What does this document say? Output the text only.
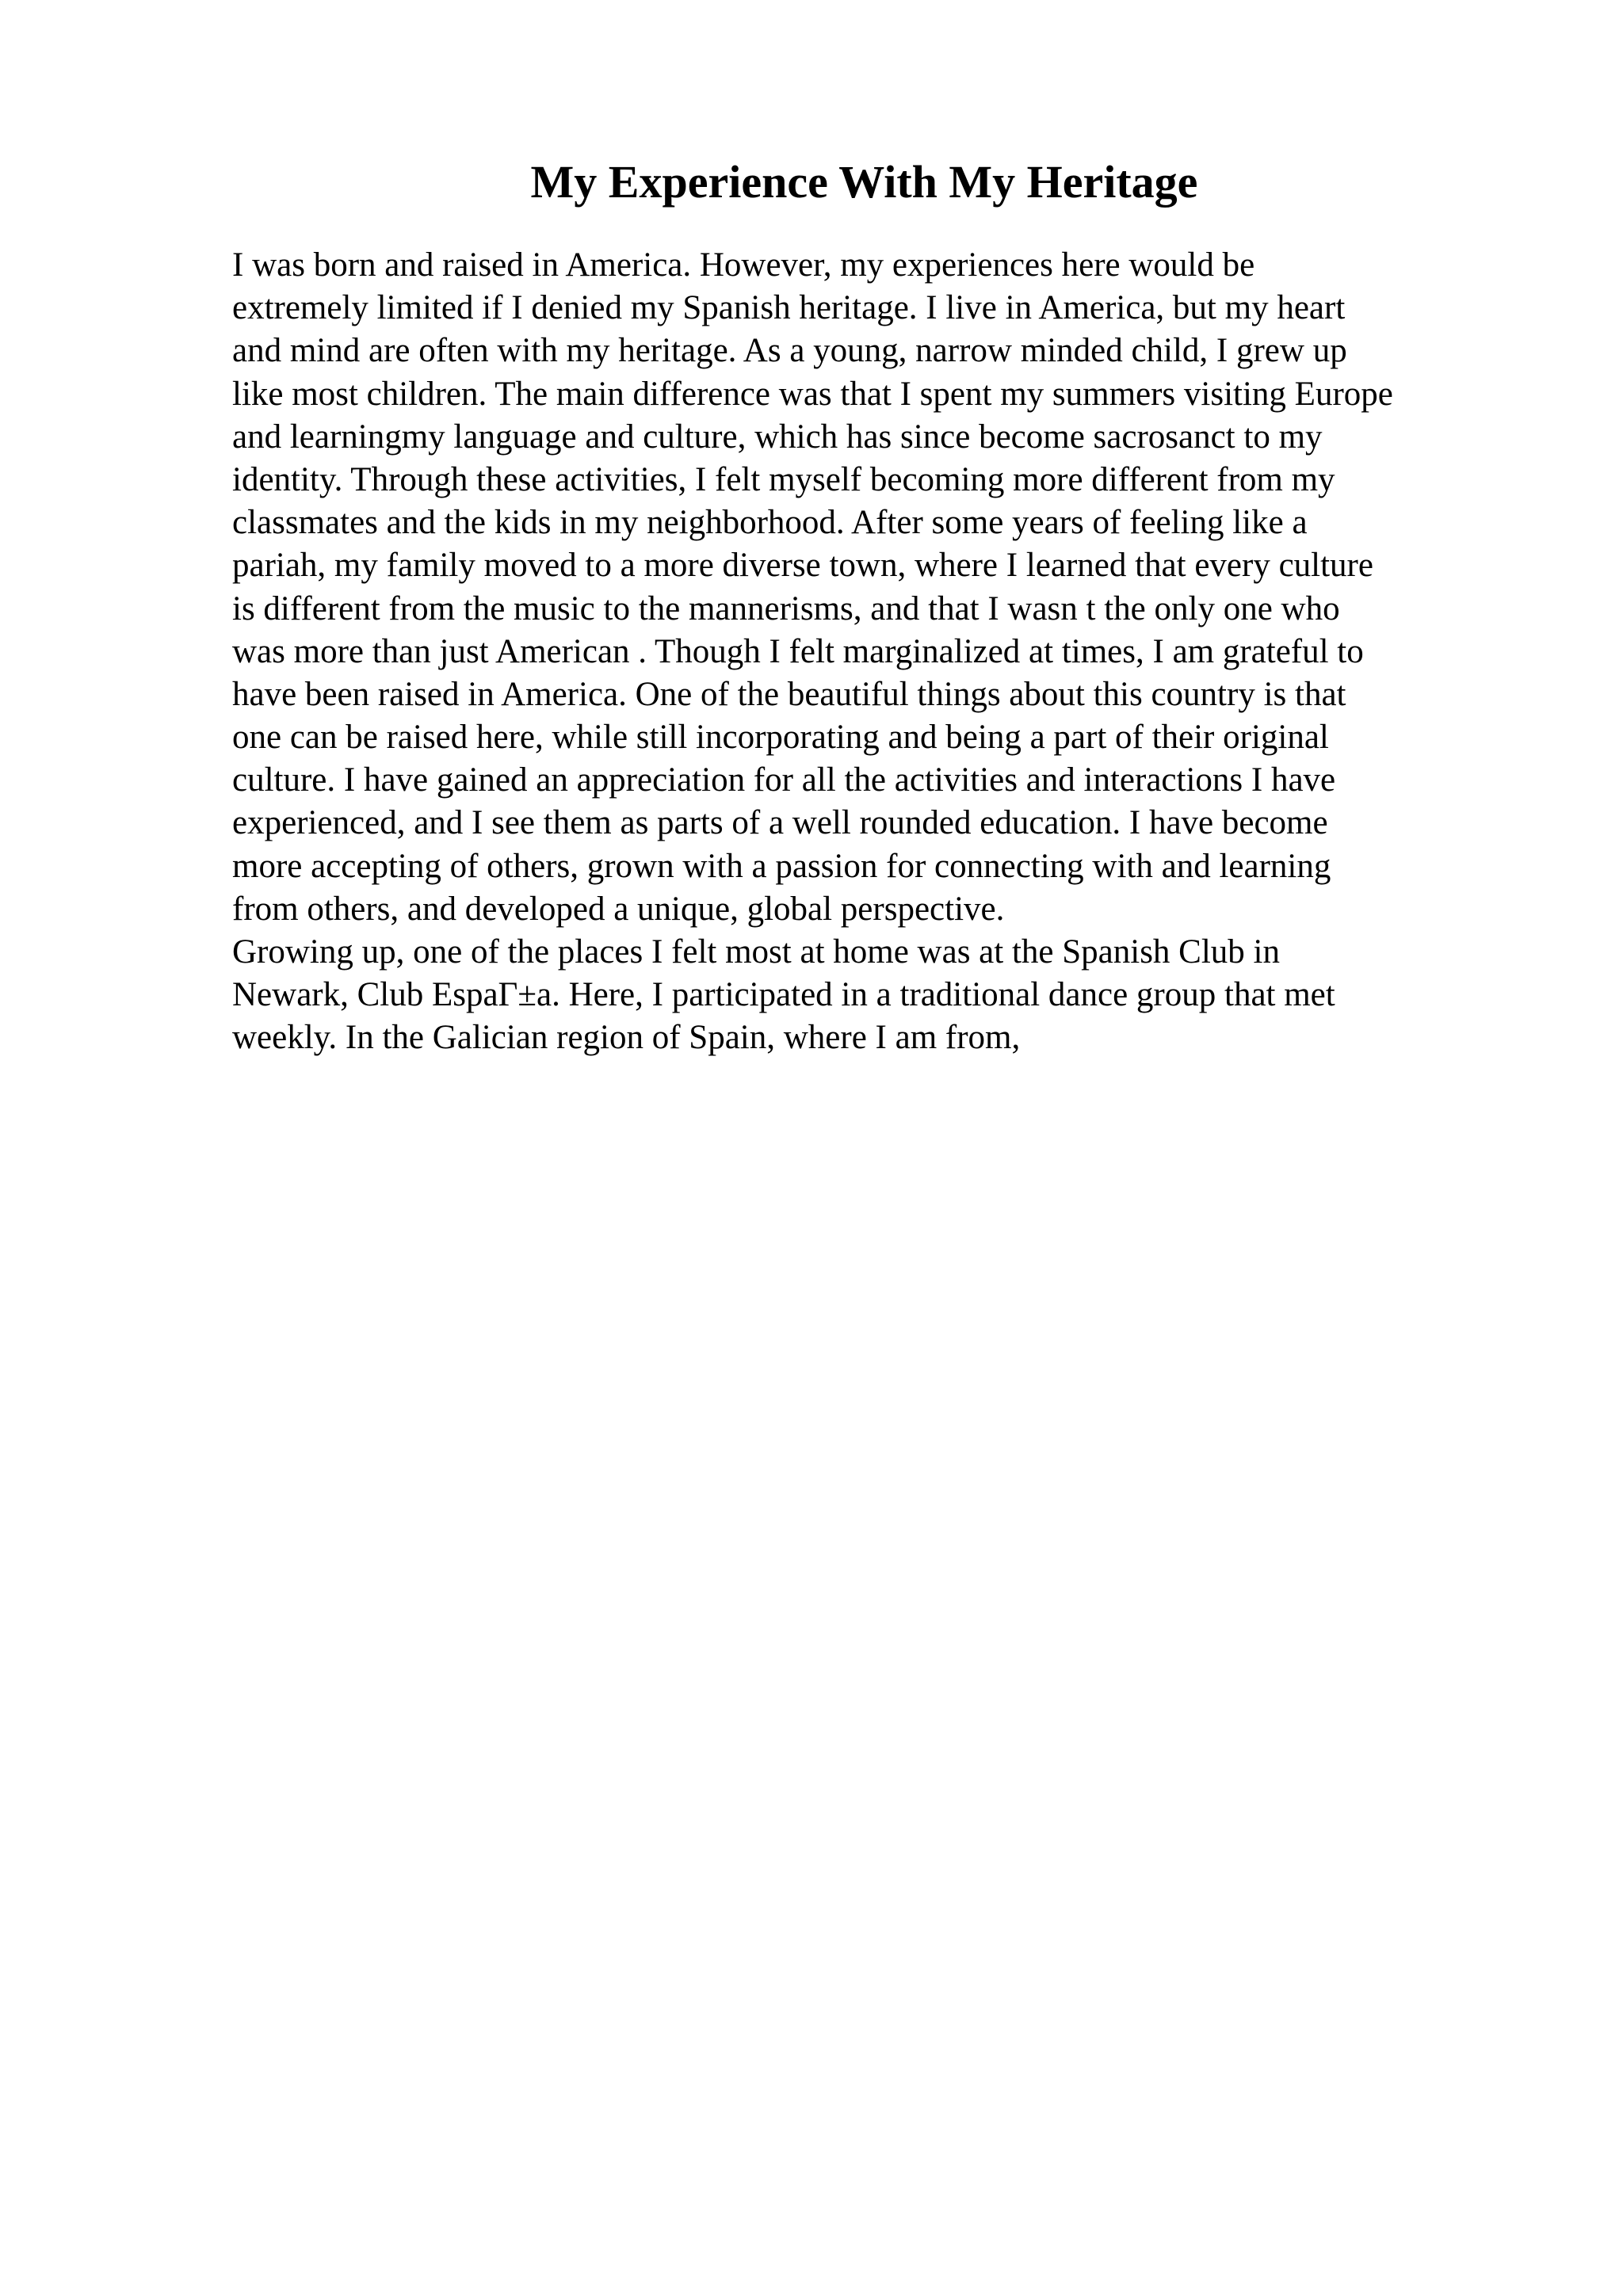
My Experience With My Heritage
I was born and raised in America. However, my experiences here would be
extremely limited if I denied my Spanish heritage. I live in America, but my heart
and mind are often with my heritage. As a young, narrow minded child, I grew up
like most children. The main difference was that I spent my summers visiting Europe
and learningmy language and culture, which has since become sacrosanct to my
identity. Through these activities, I felt myself becoming more different from my
classmates and the kids in my neighborhood. After some years of feeling like a
pariah, my family moved to a more diverse town, where I learned that every culture
is different from the music to the mannerisms, and that I wasn t the only one who
was more than just American . Though I felt marginalized at times, I am grateful to
have been raised in America. One of the beautiful things about this country is that
one can be raised here, while still incorporating and being a part of their original
culture. I have gained an appreciation for all the activities and interactions I have
experienced, and I see them as parts of a well rounded education. I have become
more accepting of others, grown with a passion for connecting with and learning
from others, and developed a unique, global perspective.
Growing up, one of the places I felt most at home was at the Spanish Club in
Newark, Club EspaΓ±a. Here, I participated in a traditional dance group that met
weekly. In the Galician region of Spain, where I am from,
